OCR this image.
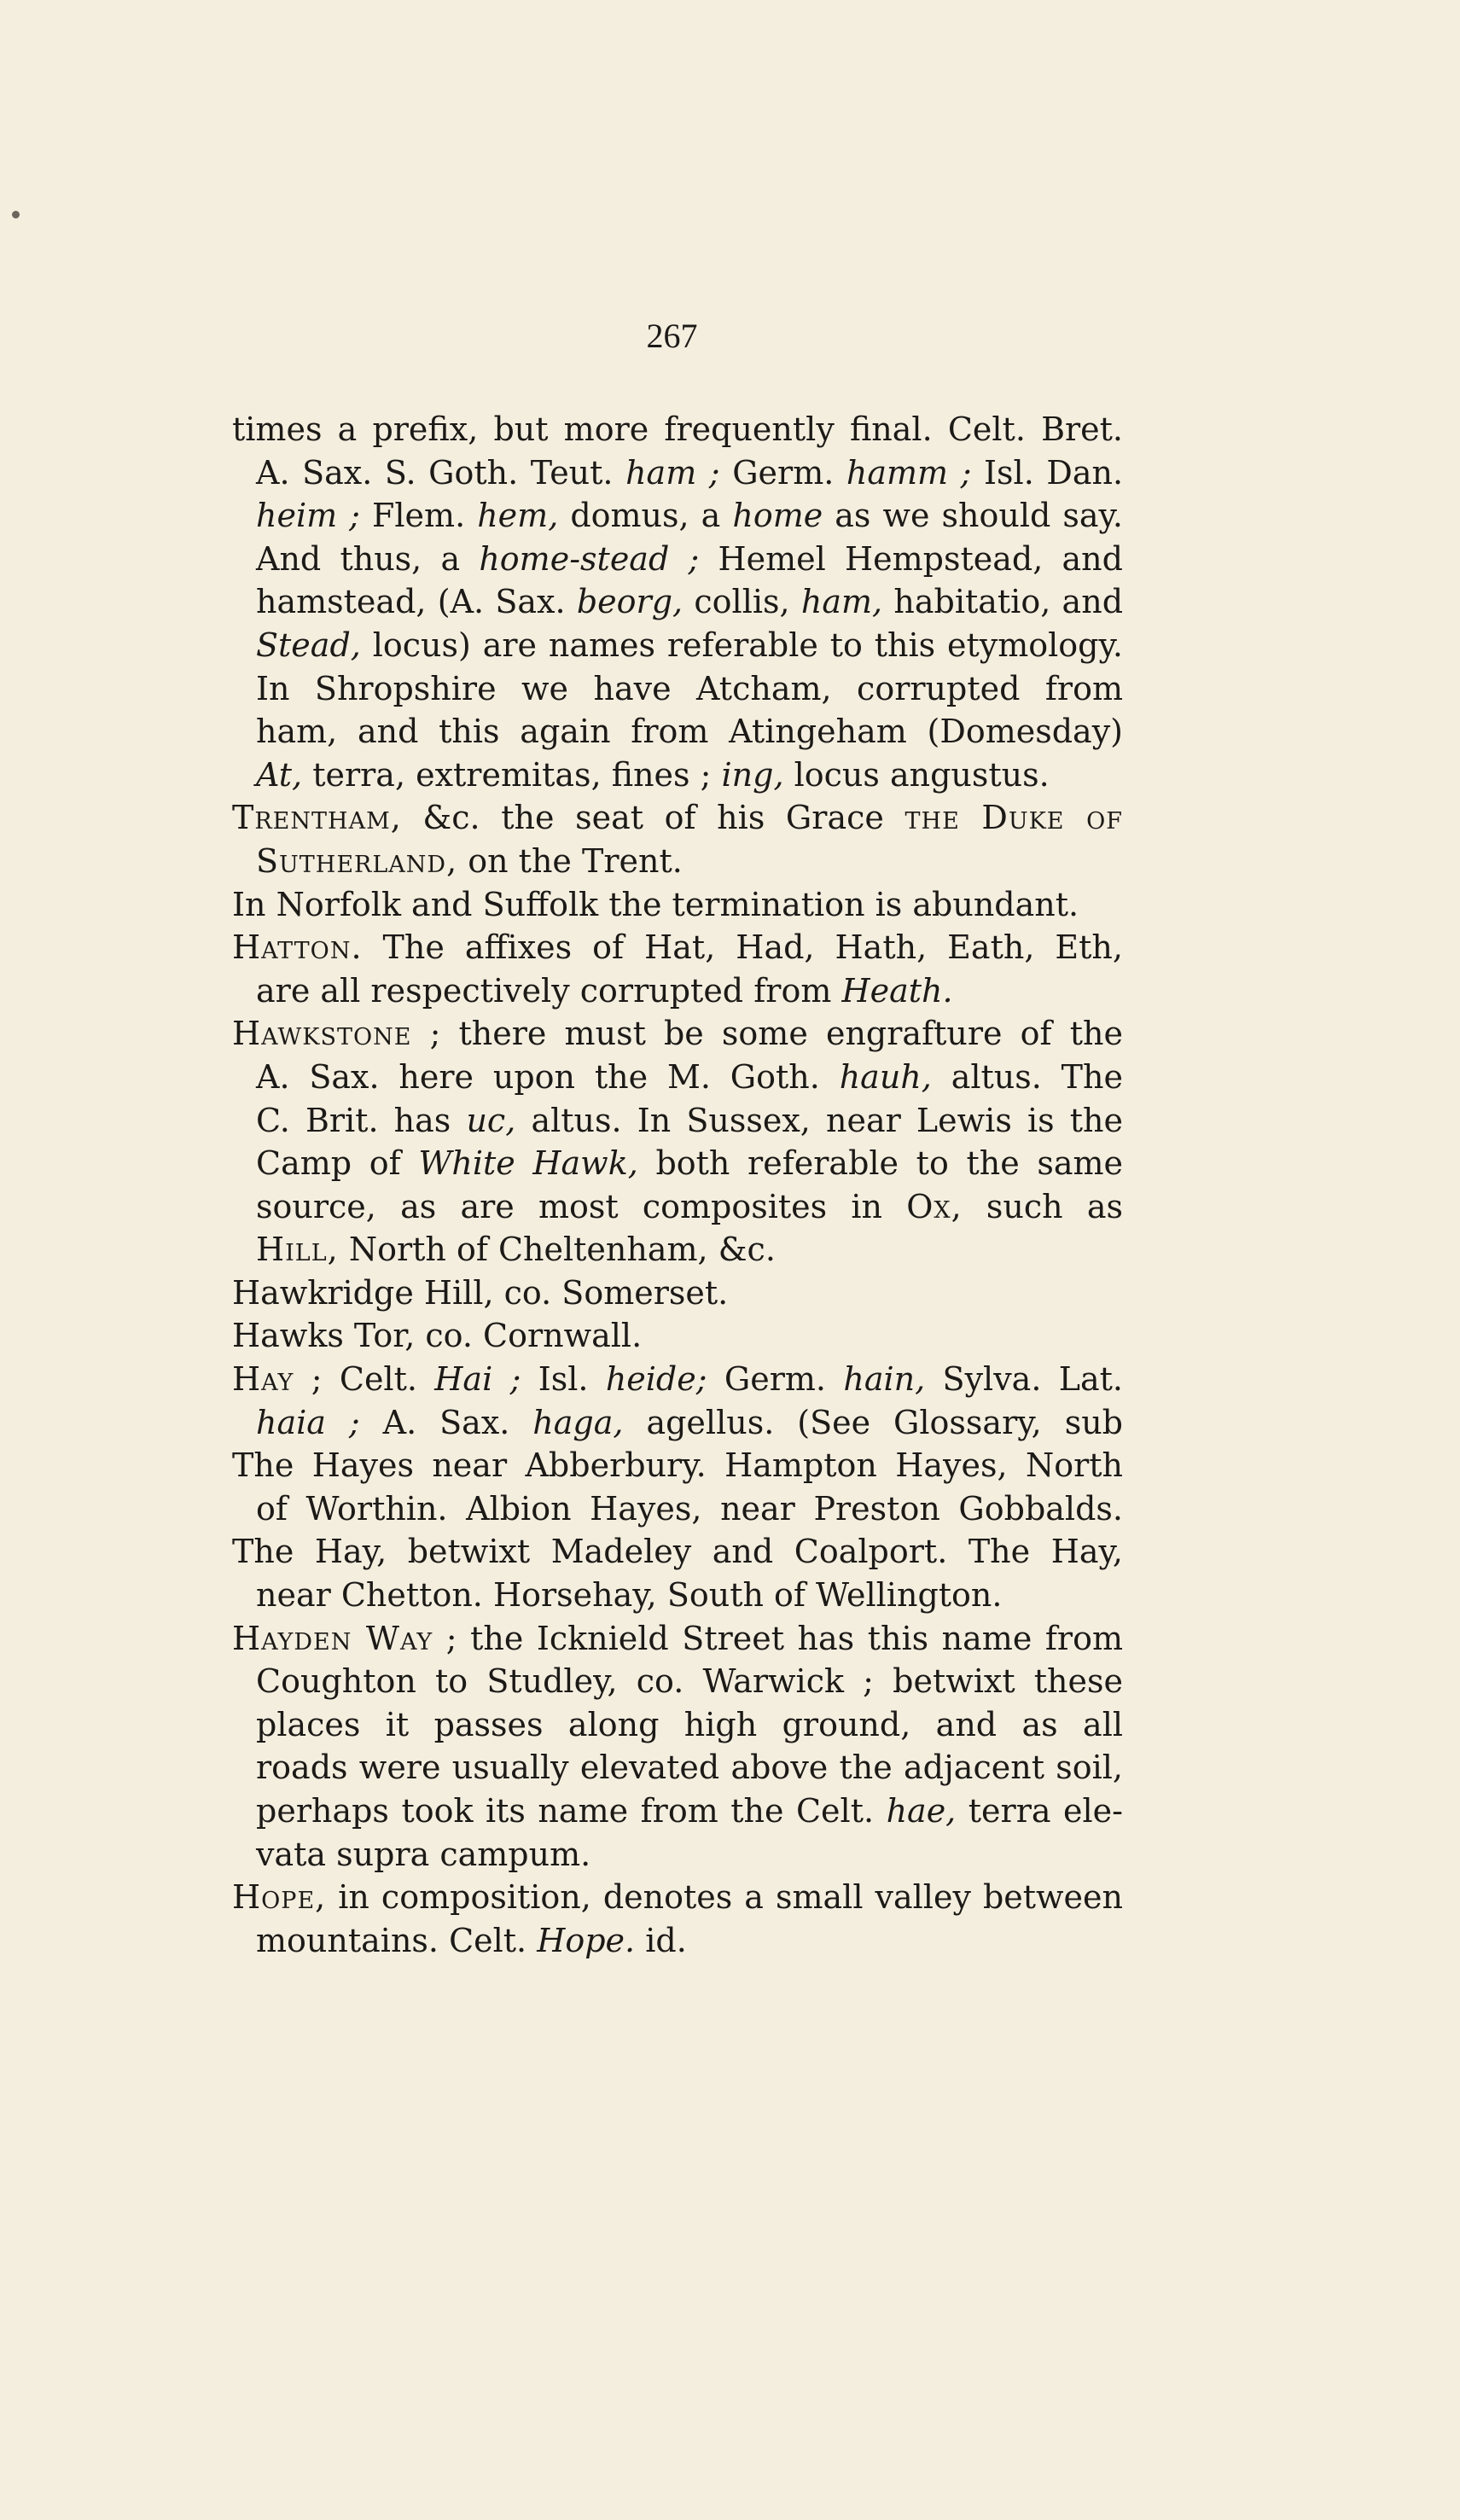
267
times a prefix, but more frequently final. Celt. Bret.
A. Sax. S. Goth. Teut. ham ; Germ. hamm ; Isl. Dan.
heim ; Flem. hem, domus, a home as we should say.
And thus, a home-stead ; Hemel Hempstead, and
hamstead, (A. Sax. beorg, collis, ham, habitatio, and
Stead, locus) are names referable to this etymology.
In Shropshire we have Atcham, corrupted from
ham, and this again from Atingeham (Domesday)
At, terra, extremitas, fines ; ing, locus angustus.
Trentham, &c. the seat of his Grace the Duke of
Sutherland, on the Trent.
In Norfolk and Suffolk the termination is abundant.
Hatton. The affixes of Hat, Had, Hath, Eath, Eth,
are all respectively corrupted from Heath.
Hawkstone ; there must be some engrafture of the
A. Sax. here upon the M. Goth. hauh, altus. The
C. Brit. has uc, altus. In Sussex, near Lewis is the
Camp of White Hawk, both referable to the same
source, as are most composites in Ox, such as
Hill, North of Cheltenham, &c.
Hawkridge Hill, co. Somerset.
Hawks Tor, co. Cornwall.
Hay ; Celt. Hai ; Isl. heide; Germ. hain, Sylva. Lat.
haia ; A. Sax. haga, agellus. (See Glossary, sub
The Hayes near Abberbury. Hampton Hayes, North
of Worthin. Albion Hayes, near Preston Gobbalds.
The Hay, betwixt Madeley and Coalport. The Hay,
near Chetton. Horsehay, South of Wellington.
Hayden Way ; the Icknield Street has this name from
Coughton to Studley, co. Warwick ; betwixt these
places it passes along high ground, and as all
roads were usually elevated above the adjacent soil,
perhaps took its name from the Celt. hae, terra ele-
vata supra campum.
Hope, in composition, denotes a small valley between
mountains. Celt. Hope. id.
